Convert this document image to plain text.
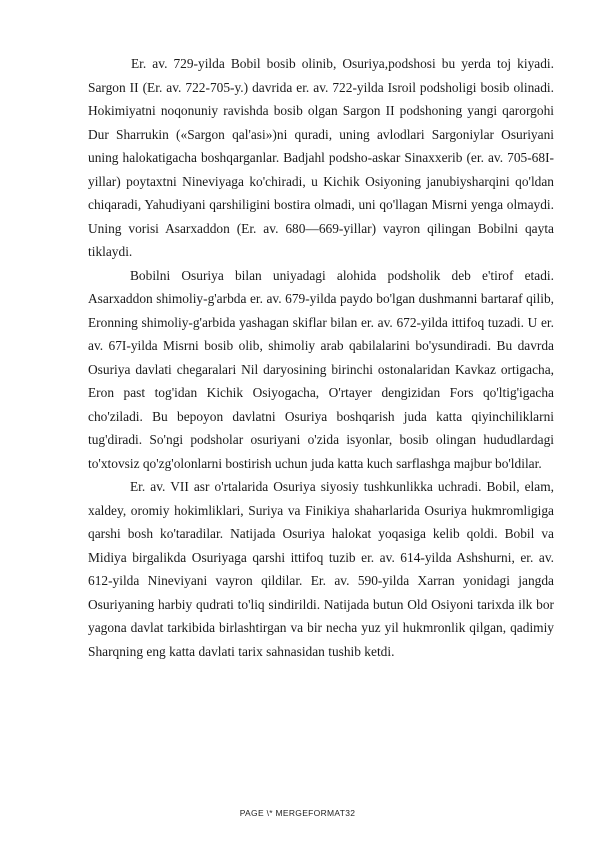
Er. av. 729-yilda Bobil bosib olinib, Osuriya,podshosi bu yerda toj kiyadi. Sargon II (Er. av. 722-705-y.) davrida er. av. 722-yilda Isroil podsholigi bosib olinadi. Hokimiyatni noqonuniy ravishda bosib olgan Sargon II podshoning yangi qarorgohi Dur Sharrukin («Sargon qal'asi»)ni quradi, uning avlodlari Sargoniylar Osuriyani uning halokatigacha boshqarganlar. Badjahl podsho-askar Sinaxxerib (er. av. 705-68I-yillar) poytaxtni Nineviyaga ko'chiradi, u Kichik Osiyoning janubiysharqini qo'ldan chiqaradi, Yahudiyani qarshiligini bostira olmadi, uni qo'llagan Misrni yenga olmaydi. Uning vorisi Asarxaddon (Er. av. 680—669-yillar) vayron qilingan Bobilni qayta tiklaydi.

Bobilni Osuriya bilan uniyadagi alohida podsholik deb e'tirof etadi. Asarxaddon shimoliy-g'arbda er. av. 679-yilda paydo bo'lgan dushmanni bartaraf qilib, Eronning shimoliy-g'arbida yashagan skiflar bilan er. av. 672-yilda ittifoq tuzadi. U er. av. 67I-yilda Misrni bosib olib, shimoliy arab qabilalarini bo'ysundiradi. Bu davrda Osuriya davlati chegaralari Nil daryosining birinchi ostonalaridan Kavkaz ortigacha, Eron past tog'idan Kichik Osiyogacha, O'rtayer dengizidan Fors qo'ltig'igacha cho'ziladi. Bu bepoyon davlatni Osuriya boshqarish juda katta qiyinchiliklarni tug'diradi. So'ngi podsholar osuriyani o'zida isyonlar, bosib olingan hududlardagi to'xtovsiz qo'zg'olonlarni bostirish uchun juda katta kuch sarflashga majbur bo'ldilar.

Er. av. VII asr o'rtalarida Osuriya siyosiy tushkunlikka uchradi. Bobil, elam, xaldey, oromiy hokimliklari, Suriya va Finikiya shaharlarida Osuriya hukmromligiga qarshi bosh ko'taradilar. Natijada Osuriya halokat yoqasiga kelib qoldi. Bobil va Midiya birgalikda Osuriyaga qarshi ittifoq tuzib er. av. 614-yilda Ashshurni, er. av. 612-yilda Nineviyani vayron qildilar. Er. av. 590-yilda Xarran yonidagi jangda Osuriyaning harbiy qudrati to'liq sindirildi. Natijada butun Old Osiyoni tarixda ilk bor yagona davlat tarkibida birlashtirgan va bir necha yuz yil hukmronlik qilgan, qadimiy Sharqning eng katta davlati tarix sahnasidan tushib ketdi.

PAGE \* MERGEFORMAT32
